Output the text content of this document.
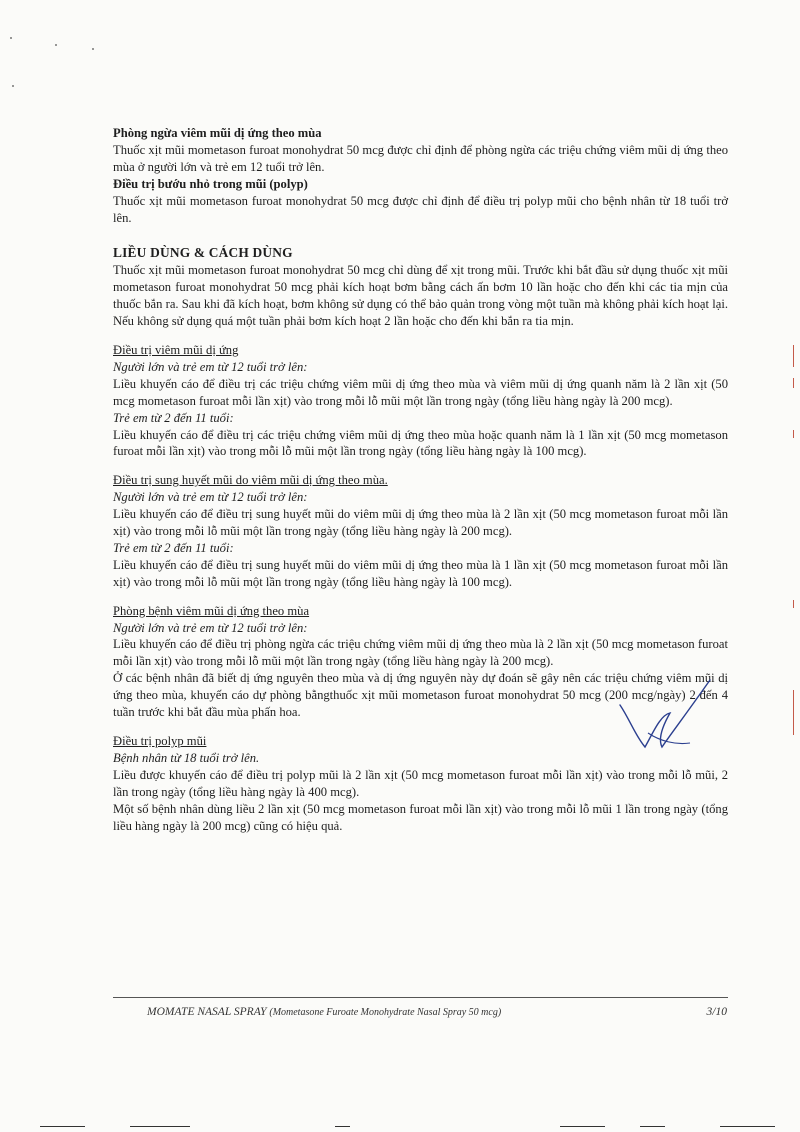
Phòng ngừa viêm mũi dị ứng theo mùa

Thuốc xịt mũi mometason furoat monohydrat 50 mcg được chỉ định để phòng ngừa các triệu chứng viêm mũi dị ứng theo mùa ở người lớn và trẻ em 12 tuổi trở lên.

Điều trị bướu nhỏ trong mũi (polyp)

Thuốc xịt mũi mometason furoat monohydrat 50 mcg được chỉ định để điều trị polyp mũi cho bệnh nhân từ 18 tuổi trở lên.

LIỀU DÙNG & CÁCH DÙNG

Thuốc xịt mũi mometason furoat monohydrat 50 mcg chỉ dùng để xịt trong mũi. Trước khi bắt đầu sử dụng thuốc xịt mũi mometason furoat monohydrat 50 mcg phải kích hoạt bơm bằng cách ấn bơm 10 lần hoặc cho đến khi các tia mịn của thuốc bắn ra. Sau khi đã kích hoạt, bơm không sử dụng có thể bảo quản trong vòng một tuần mà không phải kích hoạt lại. Nếu không sử dụng quá một tuần phải bơm kích hoạt 2 lần hoặc cho đến khi bắn ra tia mịn.

Điều trị viêm mũi dị ứng

Người lớn và trẻ em từ 12 tuổi trở lên:

Liều khuyến cáo để điều trị các triệu chứng viêm mũi dị ứng theo mùa và viêm mũi dị ứng quanh năm là 2 lần xịt (50 mcg mometason furoat mỗi lần xịt) vào trong mỗi lỗ mũi một lần trong ngày (tổng liều hàng ngày là 200 mcg).

Trẻ em từ 2 đến 11 tuổi:

Liều khuyến cáo để điều trị các triệu chứng viêm mũi dị ứng theo mùa hoặc quanh năm là 1 lần xịt (50 mcg mometason furoat mỗi lần xịt) vào trong mỗi lỗ mũi một lần trong ngày (tổng liều hàng ngày là 100 mcg).

Điều trị sung huyết mũi do viêm mũi dị ứng theo mùa.

Người lớn và trẻ em từ 12 tuổi trở lên:

Liều khuyến cáo để điều trị sung huyết mũi do viêm mũi dị ứng theo mùa là 2 lần xịt (50 mcg mometason furoat mỗi lần xịt) vào trong mỗi lỗ mũi một lần trong ngày (tổng liều hàng ngày là 200 mcg).

Trẻ em từ 2 đến 11 tuổi:

Liều khuyến cáo để điều trị sung huyết mũi do viêm mũi dị ứng theo mùa là 1 lần xịt (50 mcg mometason furoat mỗi lần xịt) vào trong mỗi lỗ mũi một lần trong ngày (tổng liều hàng ngày là 100 mcg).

Phòng bệnh viêm mũi dị ứng theo mùa

Người lớn và trẻ em từ 12 tuổi trở lên:

Liều khuyến cáo để điều trị phòng ngừa các triệu chứng viêm mũi dị ứng theo mùa là 2 lần xịt (50 mcg mometason furoat mỗi lần xịt) vào trong mỗi lỗ mũi một lần trong ngày (tổng liều hàng ngày là 200 mcg).

Ở các bệnh nhân đã biết dị ứng nguyên theo mùa và dị ứng nguyên này dự đoán sẽ gây nên các triệu chứng viêm mũi dị ứng theo mùa, khuyến cáo dự phòng bằngthuốc xịt mũi mometason furoat monohydrat 50 mcg (200 mcg/ngày) 2 đến 4 tuần trước khi bắt đầu mùa phấn hoa.

Điều trị polyp mũi

Bệnh nhân từ 18 tuổi trở lên.

Liều được khuyến cáo để điều trị polyp mũi là 2 lần xịt (50 mcg mometason furoat mỗi lần xịt) vào trong mỗi lỗ mũi, 2 lần trong ngày (tổng liều hàng ngày là 400 mcg).

Một số bệnh nhân dùng liều 2 lần xịt (50 mcg mometason furoat mỗi lần xịt) vào trong mỗi lỗ mũi 1 lần trong ngày (tổng liều hàng ngày là 200 mcg) cũng có hiệu quả.

MOMATE NASAL SPRAY (Mometasone Furoate Monohydrate Nasal Spray 50 mcg)	3/10
